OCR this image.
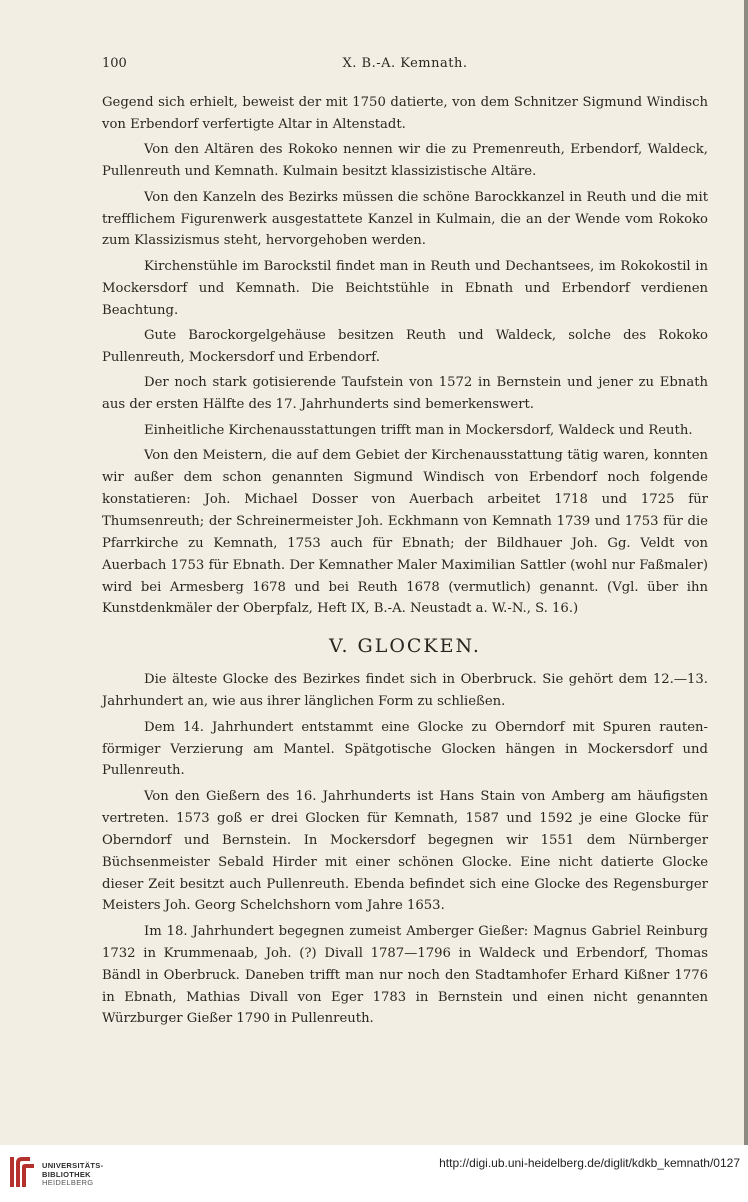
100	X. B.-A. Kemnath.

Gegend sich erhielt, beweist der mit 1750 datierte, von dem Schnitzer Sigmund Windisch von Erbendorf verfertigte Altar in Altenstadt.

Von den Altären des Rokoko nennen wir die zu Premenreuth, Erbendorf, Waldeck, Pullenreuth und Kemnath. Kulmain besitzt klassizistische Altäre.

Von den Kanzeln des Bezirks müssen die schöne Barockkanzel in Reuth und die mit trefflichem Figurenwerk ausgestattete Kanzel in Kulmain, die an der Wende vom Rokoko zum Klassizismus steht, hervorgehoben werden.

Kirchenstühle im Barockstil findet man in Reuth und Dechantsees, im Rokokostil in Mockersdorf und Kemnath. Die Beichtstühle in Ebnath und Erbendorf verdienen Beachtung.

Gute Barockorgelgehäuse besitzen Reuth und Waldeck, solche des Rokoko Pullenreuth, Mockersdorf und Erbendorf.

Der noch stark gotisierende Taufstein von 1572 in Bernstein und jener zu Ebnath aus der ersten Hälfte des 17. Jahrhunderts sind bemerkenswert.

Einheitliche Kirchenausstattungen trifft man in Mockersdorf, Waldeck und Reuth.

Von den Meistern, die auf dem Gebiet der Kirchenausstattung tätig waren, konnten wir außer dem schon genannten Sigmund Windisch von Erbendorf noch folgende konstatieren: Joh. Michael Dosser von Auerbach arbeitet 1718 und 1725 für Thumsenreuth; der Schreinermeister Joh. Eckhmann von Kemnath 1739 und 1753 für die Pfarrkirche zu Kemnath, 1753 auch für Ebnath; der Bildhauer Joh. Gg. Veldt von Auerbach 1753 für Ebnath. Der Kemnather Maler Maximilian Sattler (wohl nur Faßmaler) wird bei Armesberg 1678 und bei Reuth 1678 (vermutlich) genannt. (Vgl. über ihn Kunstdenkmäler der Oberpfalz, Heft IX, B.-A. Neustadt a. W.-N., S. 16.)

V. GLOCKEN.

Die älteste Glocke des Bezirkes findet sich in Oberbruck. Sie gehört dem 12.—13. Jahrhundert an, wie aus ihrer länglichen Form zu schließen.

Dem 14. Jahrhundert entstammt eine Glocke zu Oberndorf mit Spuren rautenförmiger Verzierung am Mantel. Spätgotische Glocken hängen in Mockersdorf und Pullenreuth.

Von den Gießern des 16. Jahrhunderts ist Hans Stain von Amberg am häufigsten vertreten. 1573 goß er drei Glocken für Kemnath, 1587 und 1592 je eine Glocke für Oberndorf und Bernstein. In Mockersdorf begegnen wir 1551 dem Nürnberger Büchsenmeister Sebald Hirder mit einer schönen Glocke. Eine nicht datierte Glocke dieser Zeit besitzt auch Pullenreuth. Ebenda befindet sich eine Glocke des Regensburger Meisters Joh. Georg Schelchshorn vom Jahre 1653.

Im 18. Jahrhundert begegnen zumeist Amberger Gießer: Magnus Gabriel Reinburg 1732 in Krummenaab, Joh. (?) Divall 1787—1796 in Waldeck und Erbendorf, Thomas Bändl in Oberbruck. Daneben trifft man nur noch den Stadtamhofer Erhard Kißner 1776 in Ebnath, Mathias Divall von Eger 1783 in Bernstein und einen nicht genannten Würzburger Gießer 1790 in Pullenreuth.

UNIVERSITÄTS-
BIBLIOTHEK
HEIDELBERG
http://digi.ub.uni-heidelberg.de/diglit/kdkb_kemnath/0127
